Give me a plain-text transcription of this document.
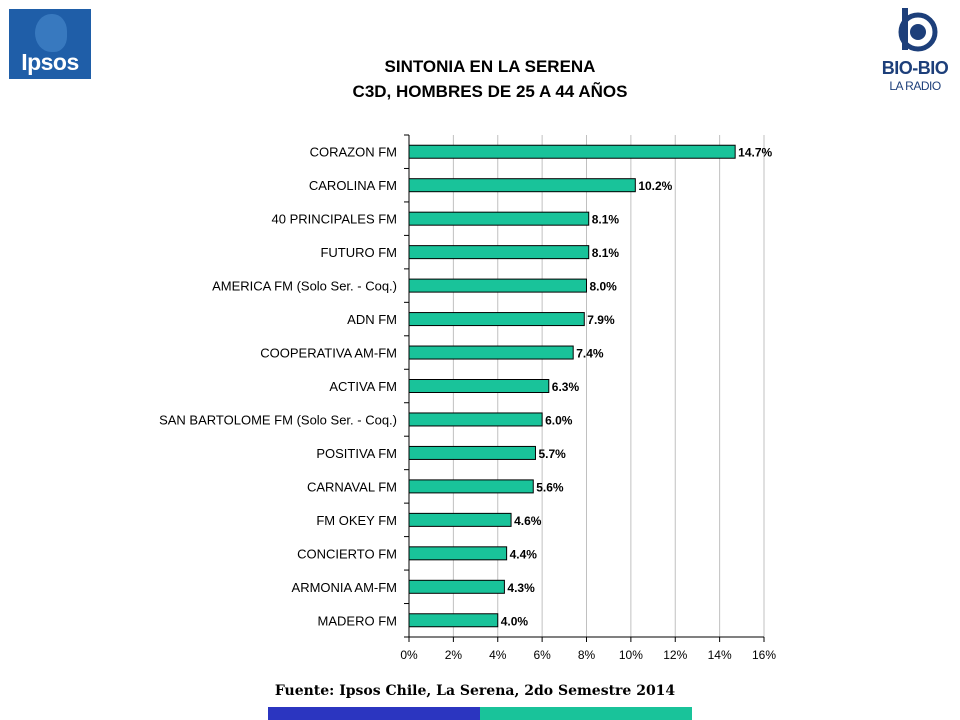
Ipsos	BIO-BIO
LA RADIO
SINTONIA EN LA SERENA
C3D, HOMBRES DE 25 A 44 AÑOS
0% 2% 4% 6% 8% 10% 12% 14% 16%
CORAZON FM	14.7%
CAROLINA FM	10.2%
40 PRINCIPALES FM	8.1%
FUTURO FM	8.1%
AMERICA FM (Solo Ser. - Coq.)	8.0%
ADN FM	7.9%
COOPERATIVA AM-FM	7.4%
ACTIVA FM	6.3%
SAN BARTOLOME FM (Solo Ser. - Coq.)	6.0%
POSITIVA FM	5.7%
CARNAVAL FM	5.6%
FM OKEY FM	4.6%
CONCIERTO FM	4.4%
ARMONIA AM-FM	4.3%
MADERO FM	4.0%
Fuente: Ipsos Chile, La Serena, 2do Semestre 2014
